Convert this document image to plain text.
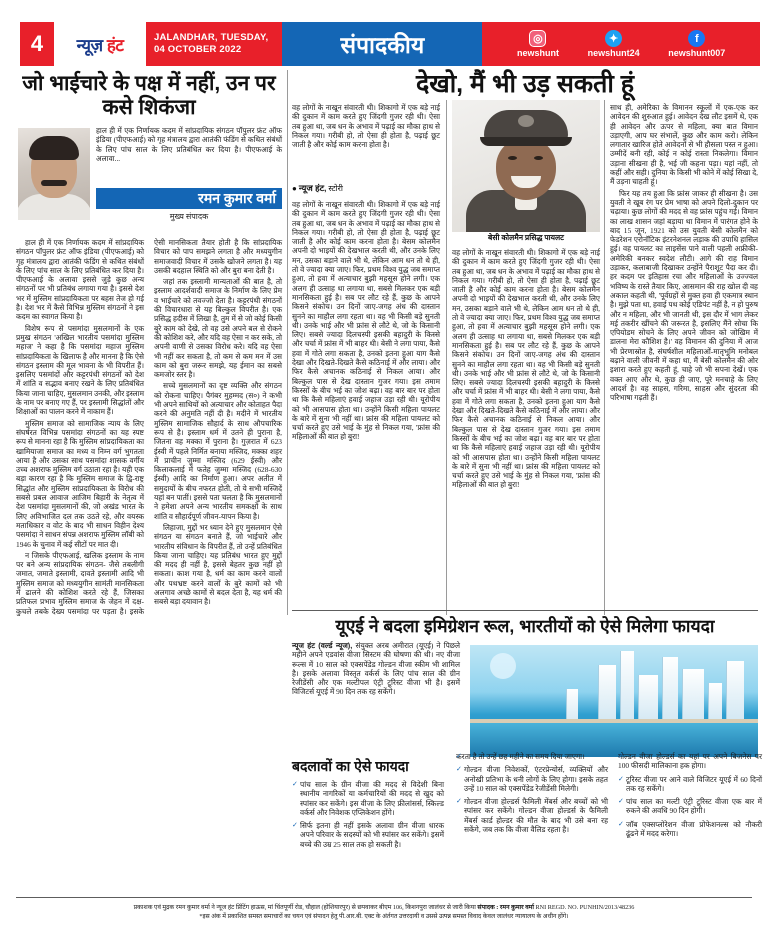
4	न्यूज़ हंट	JALANDHAR, TUESDAY,
04 OCTOBER 2022	संपादकीय	◎
newshunt
✦
newshunt24
f
newshunt007
जो भाईचारे के पक्ष में नहीं, उन पर कसे शिकंजा
देखो, मैं भी उड़ सकती हूं

हाल ही में एक निर्णायक कदम में सांप्रदायिक संगठन पॉपुलर फ्रंट ऑफ इंडिया (पीएफआई) को गृह मंत्रालय द्वारा आतंकी फंडिंग से कथित संबंधों के लिए पांच साल के लिए प्रतिबंधित कर दिया है। पीएफआई के अलावा...

रमन कुमार वर्मा
मुख्य संपादक

हाल ही में एक निर्णायक कदम में सांप्रदायिक संगठन पॉपुलर फ्रंट ऑफ इंडिया (पीएफआई) को गृह मंत्रालय द्वारा आतंकी फंडिंग से कथित संबंधों के लिए पांच साल के लिए प्रतिबंधित कर दिया है। पीएफआई के अलावा इससे जुड़े कुछ अन्य संगठनों पर भी प्रतिबंध लगाया गया है। इससे देश भर में मुस्लिम सांप्रदायिकता पर बहस तेज हो गई है। देश भर में कैसे विभिन्न मुस्लिम संगठनों ने इस कदम का स्वागत किया है।

विशेष रूप से पसमांदा मुसलमानों के एक प्रमुख संगठन 'अखिल भारतीय पसमांदा मुस्लिम महाज' ने कहा है कि पसमांदा महाज मुस्लिम सांप्रदायिकता के खिलाफ है और मानना है कि ऐसे संगठन इस्लाम की मूल भावना के भी विपरीत हैं। इसलिए पसमांदों और कट्टरपंथी संगठनों को देश में शांति व सद्भाव बनाए रखने के लिए प्रतिबंधित किया जाना चाहिए, मुसलमान उनकी, और इस्लाम के नाम पर बनाए गए हैं, पर इस्लामी सिद्धांतों और शिक्षाओं का पालन करने में नाकाम हैं।

मुस्लिम समाज को सामाजिक न्याय के लिए संघर्षरत विभिन्न पसमांदा संगठनों का यह स्पष्ट रूप से मानना रहा है कि मुस्लिम सांप्रदायिकता का खामियाजा समाज का मध्य व निम्न वर्ग भुगतता आया है और उसका साथ पसमांदा शासक वर्गीय उच्च अशराफ मुस्लिम वर्ग उठाता रहा है। यही एक बड़ा कारण रहा है कि मुस्लिम समाज के द्वि-राष्ट्र सिद्धांत और मुस्लिम सांप्रदायिकता के विरोध की सबसे प्रबल आवाज आजिम बिहारी के नेतृत्व में देश पसमांदा मुसलमानों की, जो अखंड भारत के लिए अविभाजित दल तक उठते रहे, और वयस्क मताधिकार व वोट के बाद भी साधन विहीन देश्य पसमांदा ने साधन संपन्न अशराफ मुस्लिम लॉबी को 1946 के चुनाव में कई सीटों पर मात दी।

न जिसके पीएफआई, खलिक इस्लाम के नाम पर बने अन्य सांप्रदायिक संगठन- जैसे तबलीगी जमात, जमाते इस्लामी, दावते इस्लामी आदि भी मुस्लिम समाज को मध्ययुगीन सामंती मानसिकता में ढालने की कोशिश करते रहे हैं, जिसका प्रतिफल प्रभाव मुस्लिम समाज के जेहन में दक्ष-कुचले तबके देख्य पसमांदा पर पड़ता है। इसके ऐसी मानसिकता तैयार होती है कि सांप्रदायिक विचार को पाप समझने लगता है और मध्ययुगीन समाजवादी विचार में उसके खोजने लगता है। यह उसकी बदहाल स्थिति को और बुरा बना देती है।

जहां तक इस्लामी मान्यताओं की बात है, तो इस्लाम आदर्शवादी समाज के निर्माण के लिए प्रेम व भाईचारे को तवज्जो देता है। कट्टरपंथी संगठनों की विचारधारा से यह बिल्कुल विपरीत है। एक प्रसिद्ध हदीस में लिखा है, तुम में से जो कोई किसी बुरे काम को देखे, तो वह उसे अपने बल से रोकने की कोशिश करे, और यदि वह ऐसा न कर सके, तो अपनी वाणी से उसका विरोध करे। यदि वह ऐसा भी नहीं कर सकता है, तो कम से कम मन में उस काम को बुरा जरूर समझे, यह ईमान का सबसे कमजोर स्तर है।

सच्चे मुसलमानों का दृष्ट व्यक्ति और संगठन को रोकना चाहिए। पैगंबर मुहम्मद (स०) ने कभी भी अपने साथियों को अत्याचार और कोताहत पैदा करने की अनुमति नहीं दी है। मदीने में भारतीय मुस्लिम सामाजिक सौहार्द के साथ औपचारिक रूप से है। इस्लाम धर्म में उतने ही पुराना है, जितना वह मक्का में पुराना है। गुज़रात में 623 ईस्वी में पहले निर्मित बनाया मस्जिद, मक्का शहर में प्राचीन जुम्मा मस्जिद (629 ईस्वी) और किलाकलाई में फतेह जुम्मा मस्जिद (628-630 ईस्वी) आदि का निर्माण हुआ। अपर अतीत में समुदायों के बीच नफरत होती, तो ये सभी मस्जिदें यहां बन पातीं। इससे पता चलता है कि मुसलमानों ने हमेशा अपने अन्य भारतीय समकक्षों के साथ शांति व सौहार्दपूर्ण जीवन-यापन किया है।

लिहाजा, मुद्दों भर ध्यान देने हुए मुसलमान ऐसे संगठन या संगठन बनाते हैं, जो भाईचारे और भारतीय संविधान के विपरीत हैं, तो उन्हें प्रतिबंधित किया जाना चाहिए। यह प्रतिबंध भारत हुए मुद्दों की मदद ही नहीं है, इससे बेहतर कुछ नहीं हो सकता। काश गया है, धर्म का काम करने वालों और पथभ्रष्ट करने वालों के बुरे कामों को भी अलगाव अच्छे कामों से बदल देता है, यह धर्म की सबसे बड़ा दयावान है।

वह लोगों के नाखून संवारती थी। शिकागो में एक बड़े नाई की दुकान में काम करते हुए जिंदगी गुजर रही थी। ऐसा तब हुआ था, जब धन के अभाव में पढ़ाई का मौका हाथ से निकल गया। गरीबी हो, तो ऐसा ही होता है, पढ़ाई छूट जाती है और कोई काम करना होता है।

● न्यूज हंट, स्टोरी

वह लोगों के नाखून संवारती थी। शिकागो में एक बड़े नाई की दुकान में काम करते हुए जिंदगी गुजर रही थी। ऐसा तब हुआ था, जब धन के अभाव में पढ़ाई का मौका हाथ से निकल गया। गरीबी हो, तो ऐसा ही होता है, पढ़ाई छूट जाती है और कोई काम करना होता है। बेसम कोलमैन अपनी दो भाइयों की देखभाल करती थी, और उनके लिए मन, उसका बड़ाने वाले भी थे, लेकिन आम धन तो थे ही, तो वे ज्यादा क्या जाए। फिर, प्रथम विश्व युद्ध जब समाप्त हुआ, तो हवा में अत्याचार बुझी महसूस होने लगी। एक अलग ही उत्साह था लगाया था, सबसे मिलकर एक बड़ी मानसिकता हुई है। सब पर लौट रहे हैं, कुछ के आपने किसने संकोच। उन दिनों जाए-जगह अंध की दास्तान सुनने का माहौल लगा रहता था। वह भी किसी बड़े सुनती थी। उनके भाई और भी फ्रांस से लौटे थे, जो के किसानी लिए। सबसे ज्यादा दिलचस्पी इसकी बहादुरी के किस्से और चर्चा में फ्रांस में भी बाहर थी। बेसी ने लगा पाया, कैसे हवा में गोते लगा सकता है, उनको इतना हुआ याग कैसे देखा और दिखते-दिखते कैसे कठिनाई में और लाया। और फिर कैसे अचानक कठिनाई से निकल आया। और बिल्कुल पास से देख दास्तान गुजर गया। इस तमाम किस्सों के बीच भई का जोश बढ़ा। वह बार बार पर होता था कि कैसे महिलाएं हवाई जहाज उड़ा रही थी। यूरोपीय को भी आसपास होता था। उन्होंने किसी महिला पायलट के बारे में सुना भी नहीं था। फ्रांस की महिला पायलट को चर्चा करते हुए उसे भाई के मुंह से निकल गया, 'फ्रांस की महिलाओं की बात हो बुरा!

बेसी कोलमैन प्रसिद्ध पायलट

वह लोगों के नाखून संवारती थी। शिकागो में एक बड़े नाई की दुकान में काम करते हुए जिंदगी गुजर रही थी। ऐसा तब हुआ था, जब धन के अभाव में पढ़ाई का मौका हाथ से निकल गया। गरीबी हो, तो ऐसा ही होता है, पढ़ाई छूट जाती है और कोई काम करना होता है। बेसम कोलमैन अपनी दो भाइयों की देखभाल करती थी, और उनके लिए मन, उसका बड़ाने वाले भी थे, लेकिन आम धन तो थे ही, तो वे ज्यादा क्या जाए। फिर, प्रथम विश्व युद्ध जब समाप्त हुआ, तो हवा में अत्याचार बुझी महसूस होने लगी। एक अलग ही उत्साह था लगाया था, सबसे मिलकर एक बड़ी मानसिकता हुई है। सब पर लौट रहे हैं, कुछ के आपने किसने संकोच। उन दिनों जाए-जगह अंध की दास्तान सुनने का माहौल लगा रहता था। वह भी किसी बड़े सुनती थी। उनके भाई और भी फ्रांस से लौटे थे, जो के किसानी लिए। सबसे ज्यादा दिलचस्पी इसकी बहादुरी के किस्से और चर्चा में फ्रांस में भी बाहर थी। बेसी ने लगा पाया, कैसे हवा में गोते लगा सकता है, उनको इतना हुआ याग कैसे देखा और दिखते-दिखते कैसे कठिनाई में और लाया। और फिर कैसे अचानक कठिनाई से निकल आया। और बिल्कुल पास से देख दास्तान गुजर गया। इस तमाम किस्सों के बीच भई का जोश बढ़ा। वह बार बार पर होता था कि कैसे महिलाएं हवाई जहाज उड़ा रही थी। यूरोपीय को भी आसपास होता था। उन्होंने किसी महिला पायलट के बारे में सुना भी नहीं था। फ्रांस की महिला पायलट को चर्चा करते हुए उसे भाई के मुंह से निकल गया, 'फ्रांस की महिलाओं की बात हो बुरा!

साथ ही, अमेरिका के विमानन स्कूलों में एक-एक कर आवेदन की शुरुआत हुई। आवेदन देख लौट इसमें थे, एक ही आवेदन और ऊपर से महिला, क्या बात विमान उड़ाएगी, आप घर संभालें, कुछ और काम करो। लेकिन लगातार खारिज होते आवेदनों से भी हौसला पस्त न हुआ। उम्मीदें बनी रही, कोई न कोई रास्ता निकलेगा। विमान उड़ाना सीखना ही है, भई जी कहना पड़ा। यहां नहीं, तो कहीं और सही। दुनिया के किसी भी कोने में कोई सिखा दे, मैं उड़ना चाहती हूं।

फिर यह तय हुआ कि फ्रांस जाकर ही सीखना है। उस युवती ने खूब रंग पर प्रेम भाषा को अपने दिलो-दुकान पर चढ़ाया। कुछ लोगों की मदद से वह फ्रांस पहुंच गई। विमान का लाख शासन जहां बड़ाया था विमान में पारंगत होने के बाद 15 जून, 1921 को उस युवती बेसी कोलमैन को फेडरेशन एरोनॉटिक इंटरनेशनल लड़ाक की उपाधि हासिल हुई। वह पायलट का लाइसेंस पाने वाली पहली अफ्रीकी-अमेरिकी बनकर स्वदेश लौटी। आगे की राह विमान उड़ाकर, कलाबाजी दिखाकर उन्होंने पैराशूट पैदा कर दी। हर कदम पर इतिहास रचा और महिलाओं के उज्ज्वल भविष्य के रास्ते तैयार किए, आसमान की राह खोल दी वह अकाल कहती थी, 'पूर्वग्रहों से मुक्त हवा ही एकमात्र स्थान है। मुझे पता था, हवाई पथ कोई एडिपंट नहीं है, न हो पुरुष और न महिला, और भी जानती थी, इस दौर में भाग लेकर मई तकरीर खींचने की जरूरत है, इसलिए मैंने सोचा कि एपियोडम सोचने के लिए अपने जीवन को जोखिम में डालना मेरा कौशिश है।' वह विमानन की दुनिया में आज भी प्रेरणास्रोत है, संघर्षशील महिलाओं-मातृभूमि मनोबल बढ़ाने वाली जीवनी में कहा था, मैं बेसी कोलमैन की ओर इशारा करते हुए कहती हूं, चाहे जो भी सपना देखें। एक वक्त आए और थे, कुछ ही जाए, पूरे मनचाहे के लिए आदर्श है। वह साहस, गरिमा, साहस और सुंदरता की परिभाषा गढ़ती हैं।

यूएई ने बदला इमिग्रेशन रूल, भारतीयों को ऐसे मिलेगा फायदा
न्यूज हंट (वर्ल्ड न्यूज), संयुक्त अरब अमीरात (यूएई) ने पिछले महीने अपने एडवांस वीजा सिस्टम की घोषणा की थी। नए वीजा रूल्स में 10 साल को एक्सपेंडेड गोल्डन वीजा स्कीम भी शामिल है। इसके अलावा विस्तृत वर्कर्स के लिए पांच साल की ग्रीन रेजीडेंसी और एक मल्टीपल एंट्री टूरिस्ट वीजा भी है। इसमें विजिटर्स यूएई में 90 दिन तक रह सकेंगे।
बदलावों का ऐसे फायदा
✓ पांच साल के ग्रीन वीजा की मदद से विदेशी बिना स्थानीय नागरिकों या कर्मचारियों की मदद से खुद को स्पांसर कर सकेंगे। इस वीजा के लिए फ्रीलांसर्स, स्किल्ड वर्कर्स और निवेशक एप्लिकेशन होंगे।
✓ सिर्फ इतना ही नहीं इसके अलावा ग्रीन वीजा धारक अपने परिवार के सदस्यों को भी स्पांसर कर सकेंगे। इसमें बच्चे की उम्र 25 साल तक हो सकती है।
✓ करता है तो उन्हें छह महीने का समय दिया जाएगा।
✓ गोल्डन वीजा निवेशकों, एंटरप्रेन्योर्स, व्यक्तियों और अनोखी प्रतिभा के धनी लोगों के लिए होगा। इसके तहत उन्हें 10 साल को एक्सपेंडेड रेजीडेंसी मिलेगी।
✓ गोल्डन वीजा होल्डर्स फैमिली मेंबर्स और बच्चों को भी स्पांसर कर सकेंगे। गोल्डन वीजा होल्डर्स के फैमिली मेंबर्स कार्ड होल्डर की मौत के बाद भी उसे बना रह सकेंगे, जब तक कि वीजा वैलिड रहता है।
✓ गोल्डन वीजा होल्डर्स का यहां पर अपने बिजनेस पर 100 फीसदी मालिकाना हक होगा।
✓ टूरिस्ट वीजा पर आने वाले विजिटर यूएई में 60 दिनों तक रह सकेंगे।
✓ पांच साल का मल्टी एंट्री टूरिस्ट वीजा एक बार में रुकने की अवधि 90 दिन होगी।
✓ जॉब एक्सप्लोरेशन वीजा प्रोफेशनल्स को नौकरी ढूंढने में मदद करेगा।
प्रकाशक एवं मुद्रक रमन कुमार वर्मा ने न्यूज हंट प्रिंटिंग हाऊस, मां चिंतपूर्णी रोड, चौहाल (होशियारपुर) से छपवाकर बीएम 106, किशनपुरा जालंधर से जारी किया संपादक : रमन कुमार वर्मा RNI REGD. NO. PUNHIN/2013/48236
*इस अंक में प्रकाशित समस्त समाचारों का चयन एवं संपादन हेतु पी.आर.बी. एक्ट के अंर्तगत उत्तरदायी व उससे उत्पन्न समस्त विवाद केवल जालंधर न्यायालय के अधीन होंगे।
